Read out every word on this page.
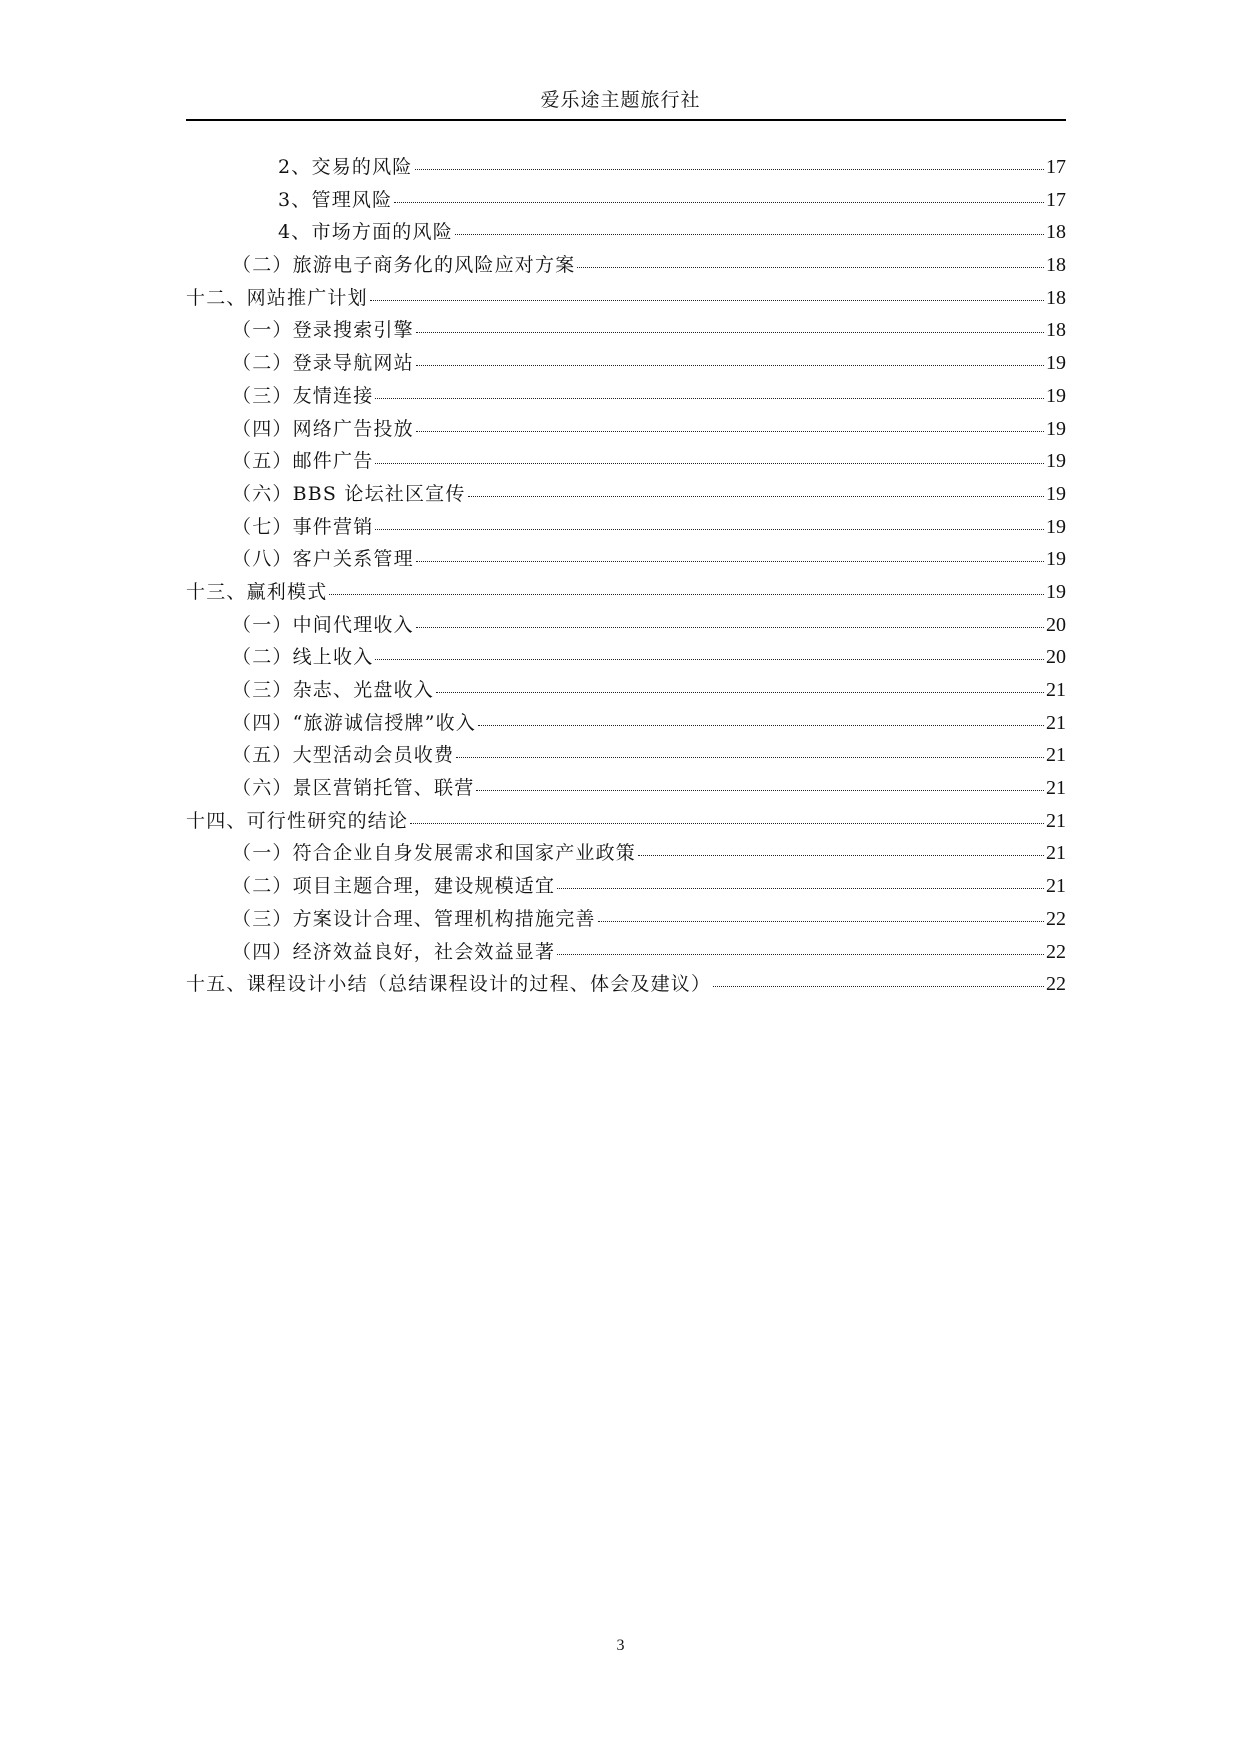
爱乐途主题旅行社
2、交易的风险	17
3、管理风险	17
4、市场方面的风险	18
（二）旅游电子商务化的风险应对方案	18
十二、网站推广计划	18
（一）登录搜索引擎	18
（二）登录导航网站	19
（三）友情连接	19
（四）网络广告投放	19
（五）邮件广告	19
（六）BBS 论坛社区宣传	19
（七）事件营销	19
（八）客户关系管理	19
十三、赢利模式	19
（一）中间代理收入	20
（二）线上收入	20
（三）杂志、光盘收入	21
（四）“旅游诚信授牌”收入	21
（五）大型活动会员收费	21
（六）景区营销托管、联营	21
十四、可行性研究的结论	21
（一）符合企业自身发展需求和国家产业政策	21
（二）项目主题合理，建设规模适宜	21
（三）方案设计合理、管理机构措施完善	22
（四）经济效益良好，社会效益显著	22
十五、课程设计小结（总结课程设计的过程、体会及建议）	22
3
